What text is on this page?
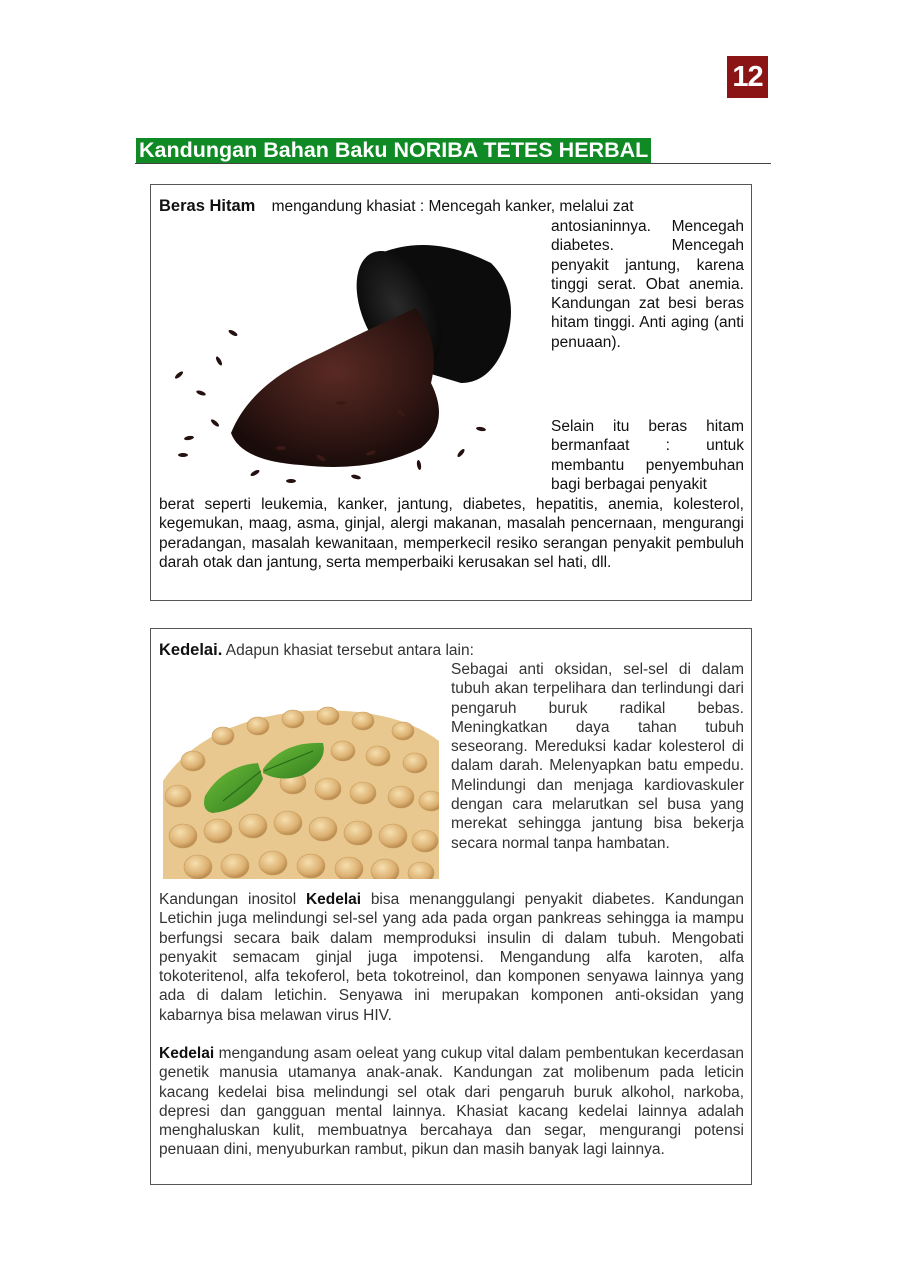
12
Kandungan Bahan Baku NORIBA TETES HERBAL
Beras Hitam mengandung khasiat : Mencegah kanker, melalui zat
antosianinnya. Mencegah diabetes. Mencegah penyakit jantung, karena tinggi serat. Obat anemia. Kandungan zat besi beras hitam tinggi. Anti aging (anti penuaan).
Selain itu beras hitam bermanfaat : untuk membantu penyembuhan bagi berbagai penyakit
berat seperti leukemia, kanker, jantung, diabetes, hepatitis, anemia, kolesterol, kegemukan, maag, asma, ginjal, alergi makanan, masalah pencernaan, mengurangi peradangan, masalah kewanitaan, memperkecil resiko serangan penyakit pembuluh darah otak dan jantung, serta memperbaiki kerusakan sel hati, dll.
Kedelai. Adapun khasiat tersebut antara lain:
Sebagai anti oksidan, sel-sel di dalam tubuh akan terpelihara dan terlindungi dari pengaruh buruk radikal bebas. Meningkatkan daya tahan tubuh seseorang. Mereduksi kadar kolesterol di dalam darah. Melenyapkan batu empedu. Melindungi dan menjaga kardiovaskuler dengan cara melarutkan sel busa yang merekat sehingga jantung bisa bekerja secara normal tanpa hambatan.
Kandungan inositol Kedelai bisa menanggulangi penyakit diabetes. Kandungan Letichin juga melindungi sel-sel yang ada pada organ pankreas sehingga ia mampu berfungsi secara baik dalam memproduksi insulin di dalam tubuh. Mengobati penyakit semacam ginjal juga impotensi. Mengandung alfa karoten, alfa tokoteritenol, alfa tekoferol, beta tokotreinol, dan komponen senyawa lainnya yang ada di dalam letichin. Senyawa ini merupakan komponen anti-oksidan yang kabarnya bisa melawan virus HIV.
Kedelai mengandung asam oeleat yang cukup vital dalam pembentukan kecerdasan genetik manusia utamanya anak-anak. Kandungan zat molibenum pada leticin kacang kedelai bisa melindungi sel otak dari pengaruh buruk alkohol, narkoba, depresi dan gangguan mental lainnya. Khasiat kacang kedelai lainnya adalah menghaluskan kulit, membuatnya bercahaya dan segar, mengurangi potensi penuaan dini, menyuburkan rambut, pikun dan masih banyak lagi lainnya.
